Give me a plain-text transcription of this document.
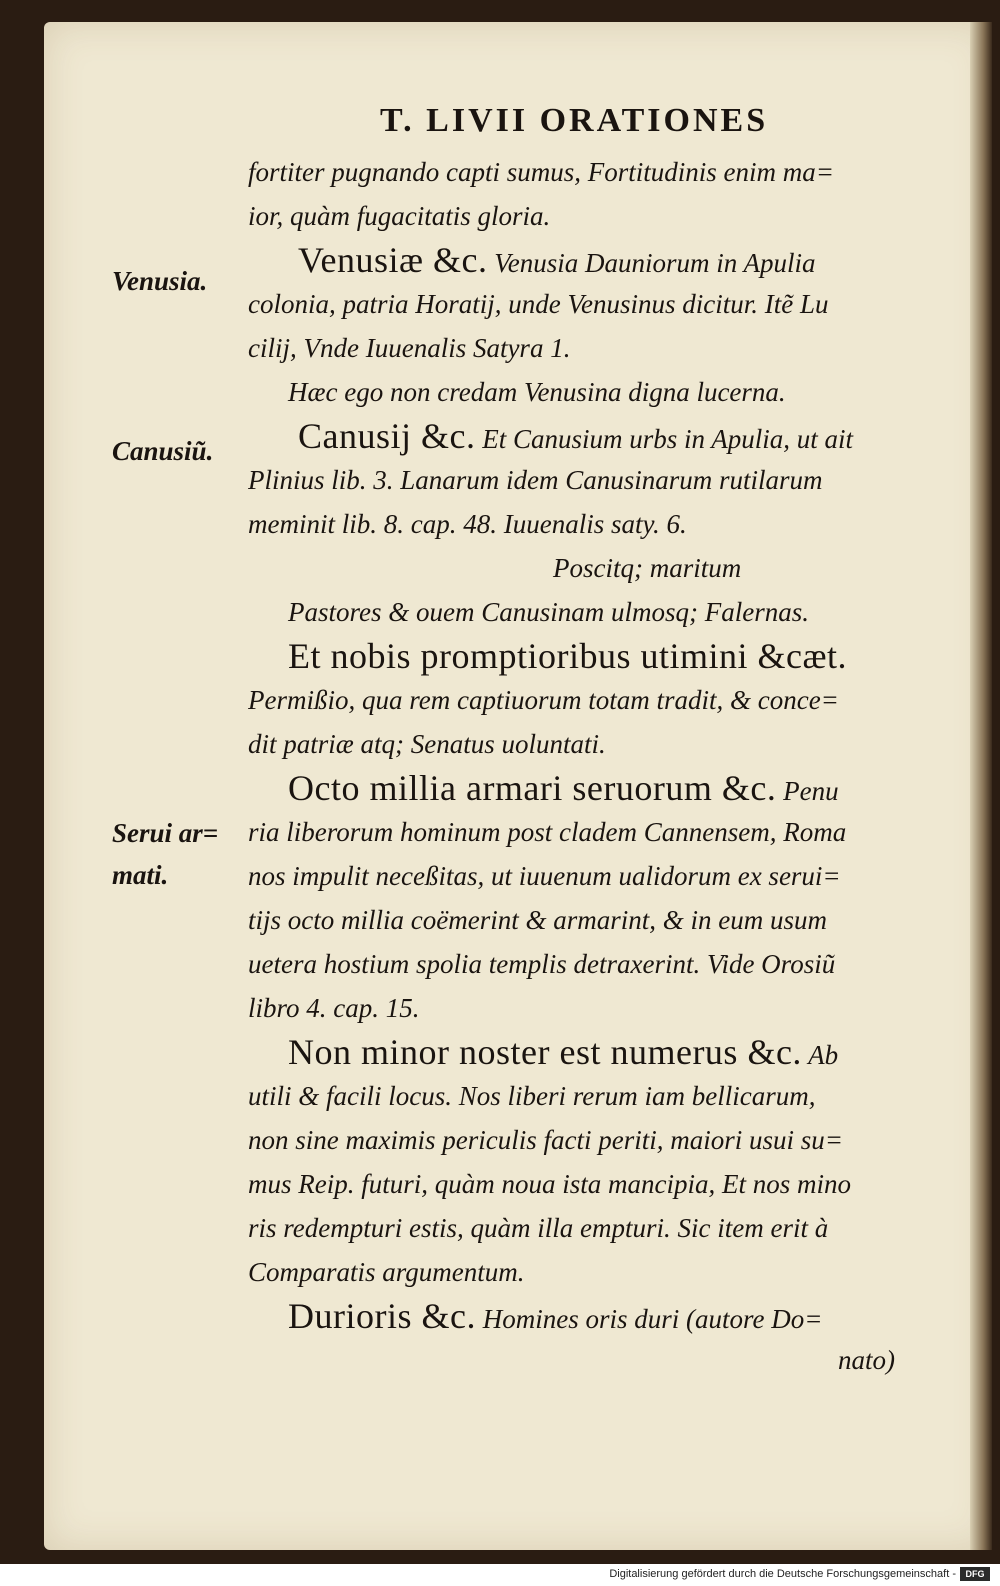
T. LIVII ORATIONES
Venusia.
Canusiũ.
Serui ar=
mati.
fortiter pugnando capti sumus, Fortitudinis enim ma=
ior, quàm fugacitatis gloria.
Venusiæ &c. Venusia Dauniorum in Apulia
colonia, patria Horatij, unde Venusinus dicitur. Itẽ Lu
cilij, Vnde Iuuenalis Satyra 1.
Hæc ego non credam Venusina digna lucerna.
Canusij &c. Et Canusium urbs in Apulia, ut ait
Plinius lib. 3. Lanarum idem Canusinarum rutilarum
meminit lib. 8. cap. 48. Iuuenalis saty. 6.
Poscitq; maritum
Pastores & ouem Canusinam ulmosq; Falernas.
Et nobis promptioribus utimini &cæt.
Permißio, qua rem captiuorum totam tradit, & conce=
dit patriæ atq; Senatus uoluntati.
Octo millia armari seruorum &c. Penu
ria liberorum hominum post cladem Cannensem, Roma
nos impulit neceßitas, ut iuuenum ualidorum ex serui=
tijs octo millia coëmerint & armarint, & in eum usum
uetera hostium spolia templis detraxerint. Vide Orosiũ
libro 4. cap. 15.
Non minor noster est numerus &c. Ab
utili & facili locus. Nos liberi rerum iam bellicarum,
non sine maximis periculis facti periti, maiori usui su=
mus Reip. futuri, quàm noua ista mancipia, Et nos mino
ris redempturi estis, quàm illa empturi. Sic item erit à
Comparatis argumentum.
Durioris &c. Homines oris duri (autore Do=
nato)
Digitalisierung gefördert durch die Deutsche Forschungsgemeinschaft -	DFG
